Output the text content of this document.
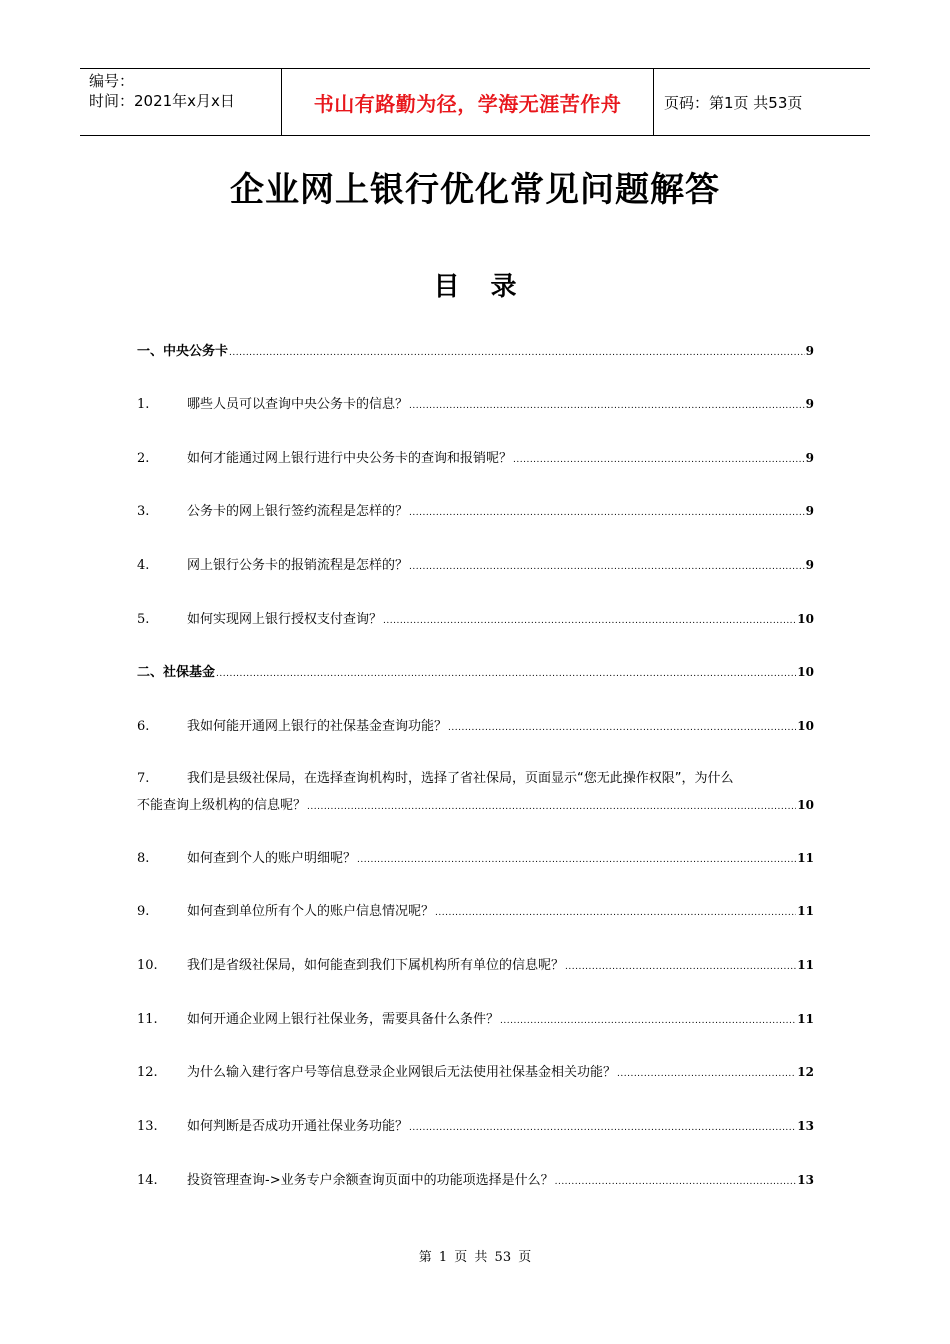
编号：
时间：2021年x月x日	书山有路勤为径，学海无涯苦作舟	页码：第1页 共53页
企业网上银行优化常见问题解答
目 录
一、中央公务卡 .....	9
1.	哪些人员可以查询中央公务卡的信息？ .....	9
2.	如何才能通过网上银行进行中央公务卡的查询和报销呢？ .....	9
3.	公务卡的网上银行签约流程是怎样的？ .....	9
4.	网上银行公务卡的报销流程是怎样的？ .....	9
5.	如何实现网上银行授权支付查询？ .....	10
二、社保基金 .....	10
6.	我如何能开通网上银行的社保基金查询功能？ .....	10
7.	我们是县级社保局，在选择查询机构时，选择了省社保局，页面显示“您无此操作权限”，为什么
不能查询上级机构的信息呢？ .....	10
8.	如何查到个人的账户明细呢？ .....	11
9.	如何查到单位所有个人的账户信息情况呢？ .....	11
10.	我们是省级社保局，如何能查到我们下属机构所有单位的信息呢？ .....	11
11.	如何开通企业网上银行社保业务，需要具备什么条件？ .....	11
12.	为什么输入建行客户号等信息登录企业网银后无法使用社保基金相关功能？ .....	12
13.	如何判断是否成功开通社保业务功能？ .....	13
14.	投资管理查询->业务专户余额查询页面中的功能项选择是什么？ .....	13
第 1 页 共 53 页
